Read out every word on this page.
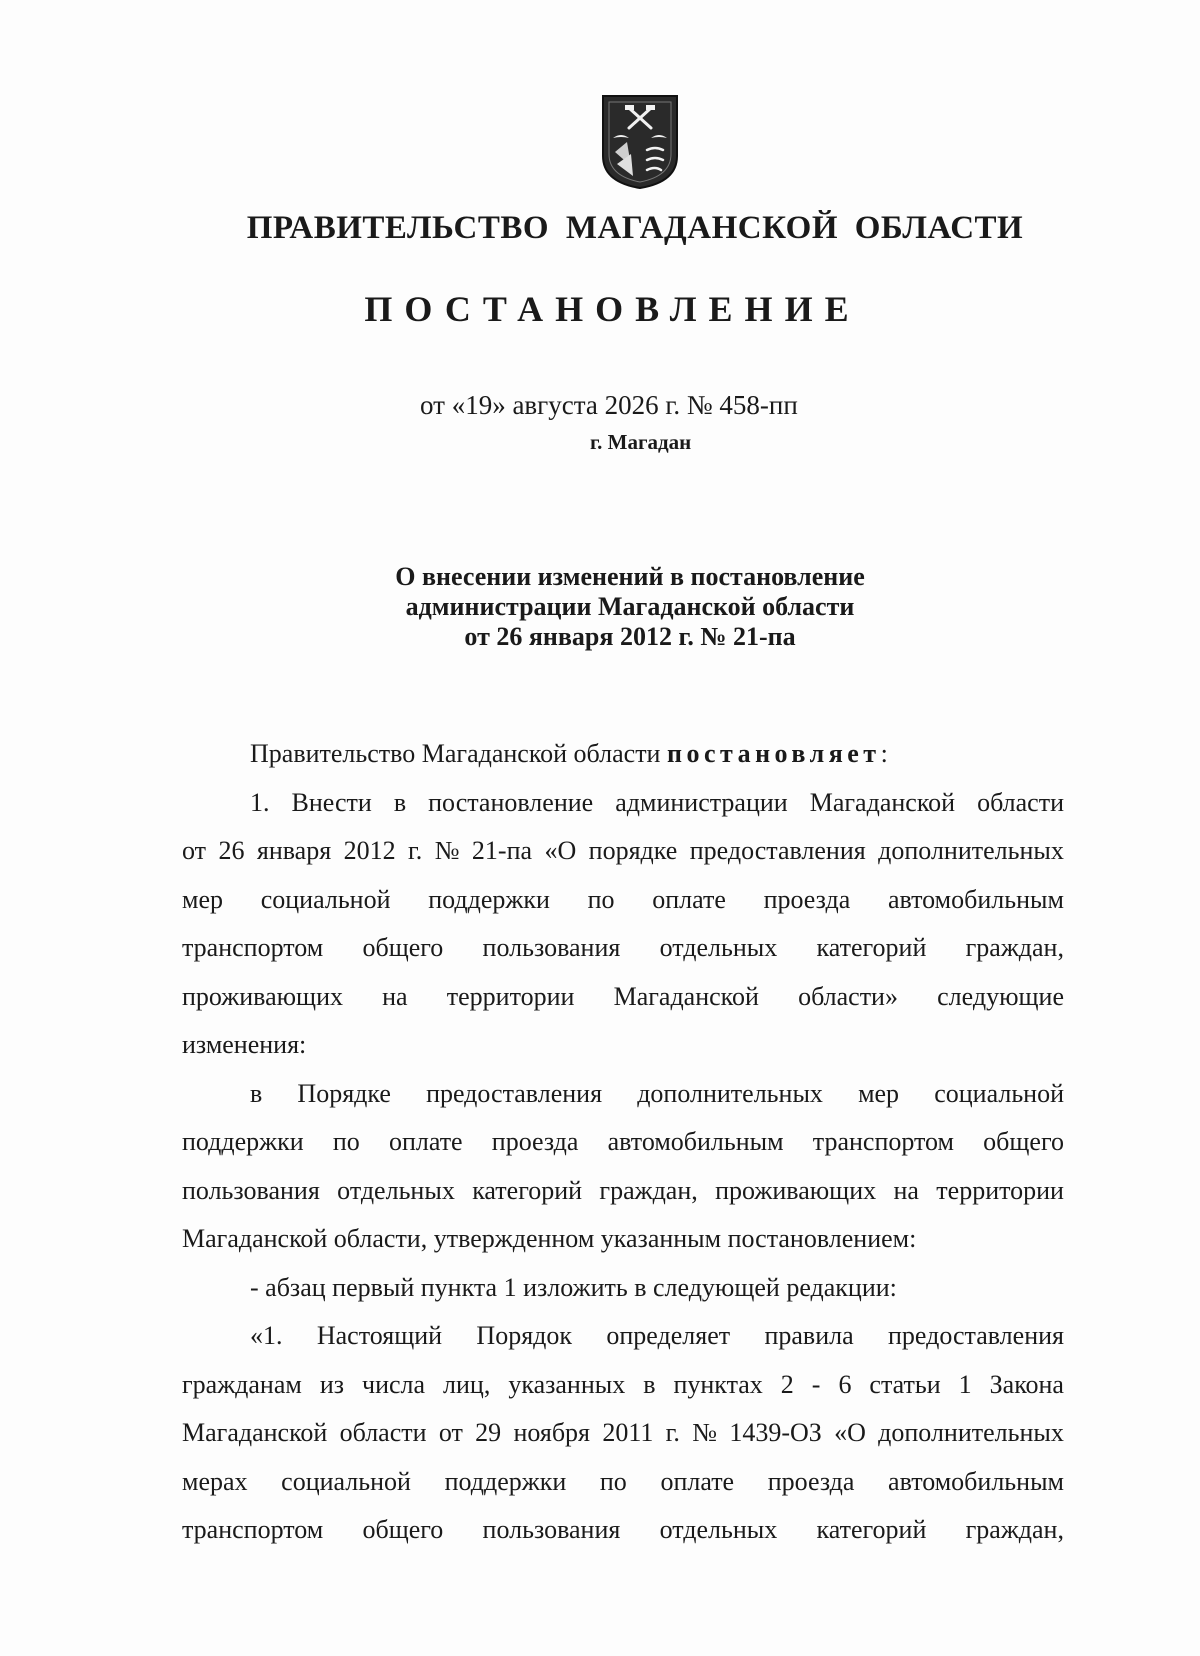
ПРАВИТЕЛЬСТВО МАГАДАНСКОЙ ОБЛАСТИ
ПОСТАНОВЛЕНИЕ
от «19» августа 2026 г. № 458-пп
г. Магадан
О внесении изменений в постановление
администрации Магаданской области
от 26 января 2012 г. № 21-па
Правительство Магаданской области постановляет:
1. Внести в постановление администрации Магаданской области
от 26 января 2012 г. № 21-па «О порядке предоставления дополнительных
мер социальной поддержки по оплате проезда автомобильным
транспортом общего пользования отдельных категорий граждан,
проживающих на территории Магаданской области» следующие
изменения:
в Порядке предоставления дополнительных мер социальной
поддержки по оплате проезда автомобильным транспортом общего
пользования отдельных категорий граждан, проживающих на территории
Магаданской области, утвержденном указанным постановлением:
- абзац первый пункта 1 изложить в следующей редакции:
«1. Настоящий Порядок определяет правила предоставления
гражданам из числа лиц, указанных в пунктах 2 - 6 статьи 1 Закона
Магаданской области от 29 ноября 2011 г. № 1439-ОЗ «О дополнительных
мерах социальной поддержки по оплате проезда автомобильным
транспортом общего пользования отдельных категорий граждан,
